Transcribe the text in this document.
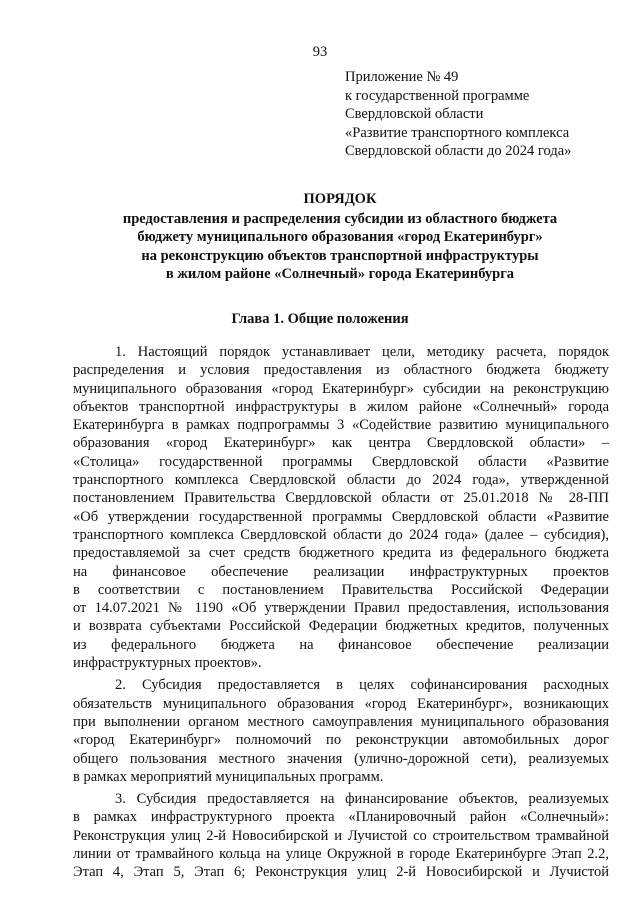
93
Приложение № 49
к государственной программе
Свердловской области
«Развитие транспортного комплекса
Свердловской области до 2024 года»
ПОРЯДОК
предоставления и распределения субсидии из областного бюджета
бюджету муниципального образования «город Екатеринбург»
на реконструкцию объектов транспортной инфраструктуры
в жилом районе «Солнечный» города Екатеринбурга
Глава 1. Общие положения
1. Настоящий порядок устанавливает цели, методику расчета, порядок
распределения и условия предоставления из областного бюджета бюджету
муниципального образования «город Екатеринбург» субсидии на реконструкцию
объектов транспортной инфраструктуры в жилом районе «Солнечный» города
Екатеринбурга в рамках подпрограммы 3 «Содействие развитию муниципального
образования «город Екатеринбург» как центра Свердловской области» –
«Столица» государственной программы Свердловской области «Развитие
транспортного комплекса Свердловской области до 2024 года», утвержденной
постановлением Правительства Свердловской области от 25.01.2018 № 28-ПП
«Об утверждении государственной программы Свердловской области «Развитие
транспортного комплекса Свердловской области до 2024 года» (далее – субсидия),
предоставляемой за счет средств бюджетного кредита из федерального бюджета
на финансовое обеспечение реализации инфраструктурных проектов
в соответствии с постановлением Правительства Российской Федерации
от 14.07.2021 № 1190 «Об утверждении Правил предоставления, использования
и возврата субъектами Российской Федерации бюджетных кредитов, полученных
из федерального бюджета на финансовое обеспечение реализации
инфраструктурных проектов».
2. Субсидия предоставляется в целях софинансирования расходных
обязательств муниципального образования «город Екатеринбург», возникающих
при выполнении органом местного самоуправления муниципального образования
«город Екатеринбург» полномочий по реконструкции автомобильных дорог
общего пользования местного значения (улично-дорожной сети), реализуемых
в рамках мероприятий муниципальных программ.
3. Субсидия предоставляется на финансирование объектов, реализуемых
в рамках инфраструктурного проекта «Планировочный район «Солнечный»:
Реконструкция улиц 2-й Новосибирской и Лучистой со строительством трамвайной
линии от трамвайного кольца на улице Окружной в городе Екатеринбурге Этап 2.2,
Этап 4, Этап 5, Этап 6; Реконструкция улиц 2-й Новосибирской и Лучистой
